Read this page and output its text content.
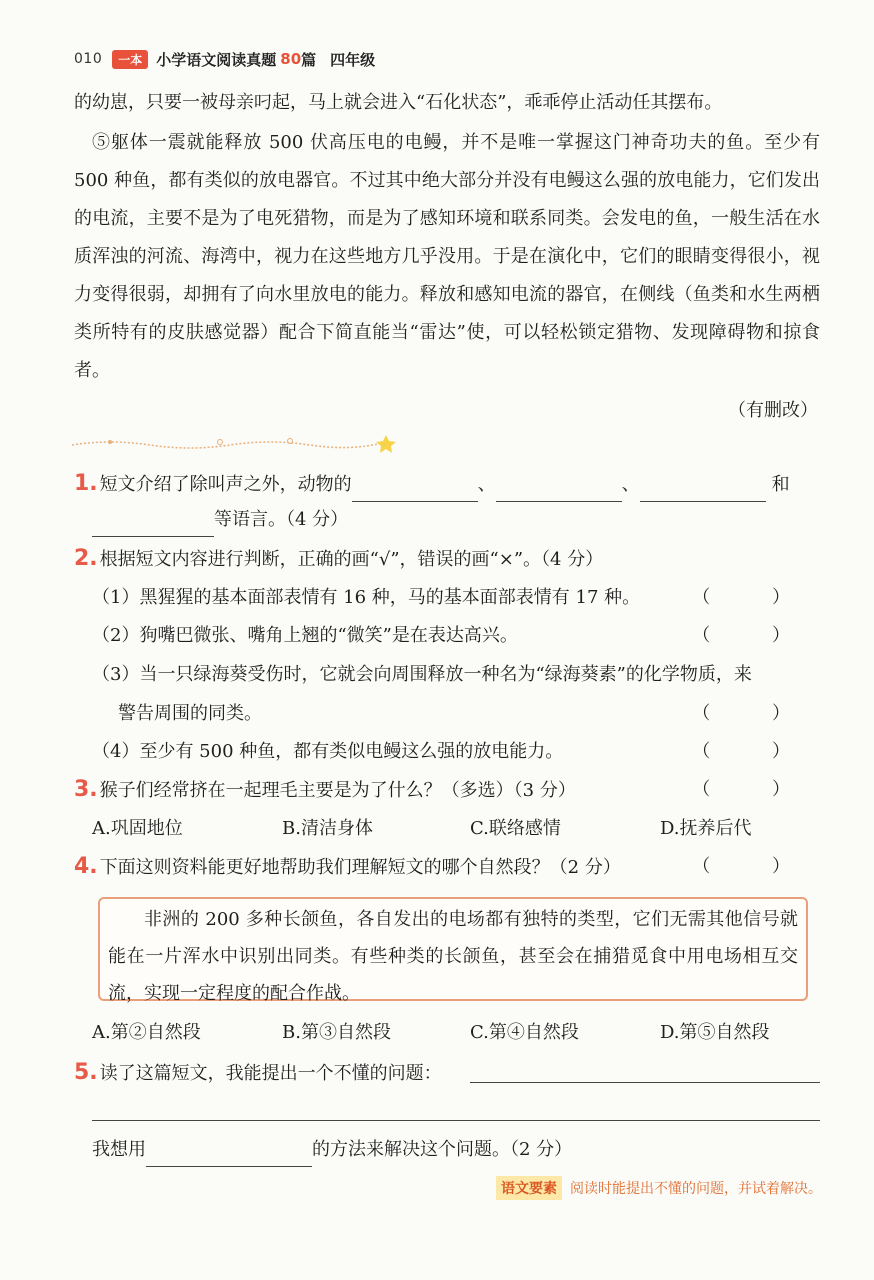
010	一本 小学语文阅读真题 80 篇 四年级

的幼崽，只要一被母亲叼起，马上就会进入“石化状态”，乖乖停止活动任其摆布。

⑤躯体一震就能释放 500 伏高压电的电鳗，并不是唯一掌握这门神奇功夫的鱼。至少有 500 种鱼，都有类似的放电器官。不过其中绝大部分并没有电鳗这么强的放电能力，它们发出的电流，主要不是为了电死猎物，而是为了感知环境和联系同类。会发电的鱼，一般生活在水质浑浊的河流、海湾中，视力在这些地方几乎没用。于是在演化中，它们的眼睛变得很小，视力变得很弱，却拥有了向水里放电的能力。释放和感知电流的器官，在侧线（鱼类和水生两栖类所特有的皮肤感觉器）配合下简直能当“雷达”使，可以轻松锁定猎物、发现障碍物和掠食者。

（有删改）
1. 短文介绍了除叫声之外，动物的	、	、	和
等语言。（4 分）
2. 根据短文内容进行判断，正确的画“√”，错误的画“×”。（4 分）
（1）黑猩猩的基本面部表情有 16 种，马的基本面部表情有 17 种。	（ ）
（2）狗嘴巴微张、嘴角上翘的“微笑”是在表达高兴。	（ ）
（3）当一只绿海葵受伤时，它就会向周围释放一种名为“绿海葵素”的化学物质，来
警告周围的同类。	（ ）
（4）至少有 500 种鱼，都有类似电鳗这么强的放电能力。	（ ）
3. 猴子们经常挤在一起理毛主要是为了什么？（多选）（3 分）	（ ）
A.巩固地位	B.清洁身体	C.联络感情	D.抚养后代
4. 下面这则资料能更好地帮助我们理解短文的哪个自然段？（2 分）	（ ）
非洲的 200 多种长颌鱼，各自发出的电场都有独特的类型，它们无需其他信号就能在一片浑水中识别出同类。有些种类的长颌鱼，甚至会在捕猎觅食中用电场相互交流，实现一定程度的配合作战。
A.第②自然段	B.第③自然段	C.第④自然段	D.第⑤自然段
5. 读了这篇短文，我能提出一个不懂的问题：
我想用	的方法来解决这个问题。（2 分）
语文要素 阅读时能提出不懂的问题，并试着解决。
